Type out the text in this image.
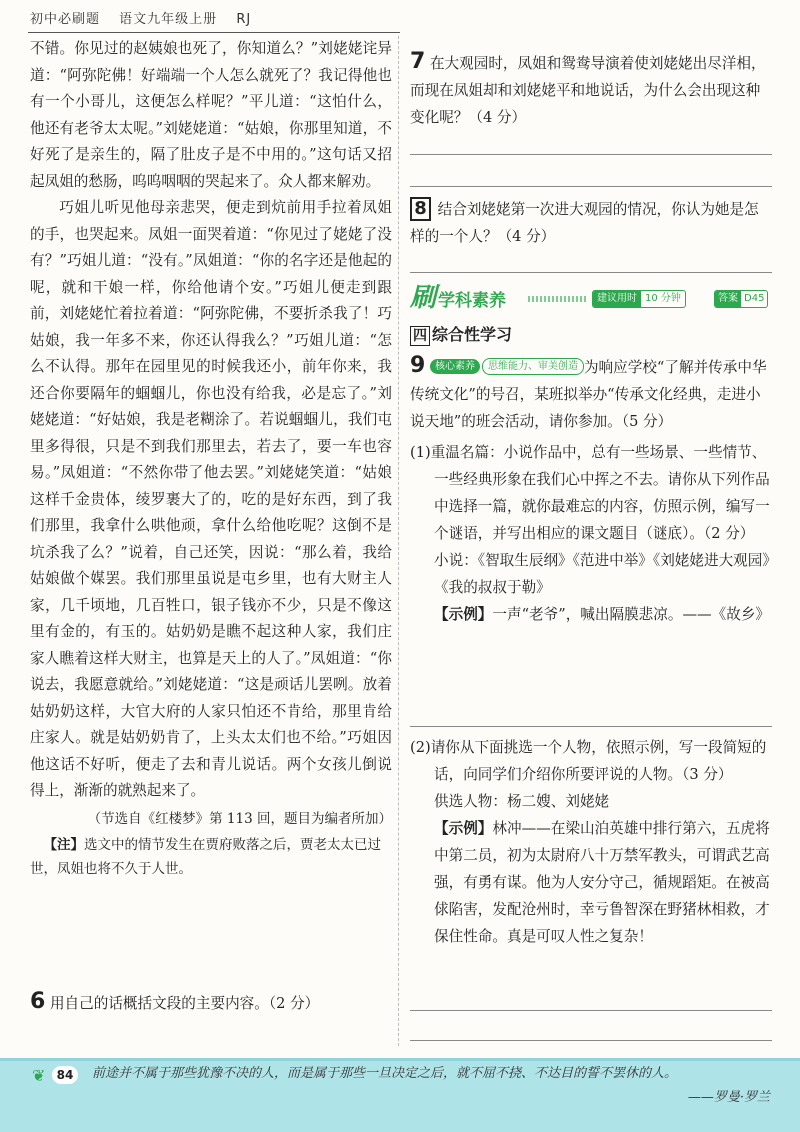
初中必刷题 语文九年级上册 RJ

不错。你见过的赵姨娘也死了，你知道么？”刘姥姥诧异道：“阿弥陀佛！好端端一个人怎么就死了？我记得他也有一个小哥儿，这便怎么样呢？”平儿道：“这怕什么，他还有老爷太太呢。”刘姥姥道：“姑娘，你那里知道，不好死了是亲生的，隔了肚皮子是不中用的。”这句话又招起凤姐的愁肠，呜呜咽咽的哭起来了。众人都来解劝。

巧姐儿听见他母亲悲哭，便走到炕前用手拉着凤姐的手，也哭起来。凤姐一面哭着道：“你见过了姥姥了没有？”巧姐儿道：“没有。”凤姐道：“你的名字还是他起的呢，就和干娘一样，你给他请个安。”巧姐儿便走到跟前，刘姥姥忙着拉着道：“阿弥陀佛，不要折杀我了！巧姑娘，我一年多不来，你还认得我么？”巧姐儿道：“怎么不认得。那年在园里见的时候我还小，前年你来，我还合你要隔年的蝈蝈儿，你也没有给我，必是忘了。”刘姥姥道：“好姑娘，我是老糊涂了。若说蝈蝈儿，我们屯里多得很，只是不到我们那里去，若去了，要一车也容易。”凤姐道：“不然你带了他去罢。”刘姥姥笑道：“姑娘这样千金贵体，绫罗裹大了的，吃的是好东西，到了我们那里，我拿什么哄他顽，拿什么给他吃呢？这倒不是坑杀我了么？”说着，自己还笑，因说：“那么着，我给姑娘做个媒罢。我们那里虽说是屯乡里，也有大财主人家，几千顷地，几百牲口，银子钱亦不少，只是不像这里有金的，有玉的。姑奶奶是瞧不起这种人家，我们庄家人瞧着这样大财主，也算是天上的人了。”凤姐道：“你说去，我愿意就给。”刘姥姥道：“这是顽话儿罢咧。放着姑奶奶这样，大官大府的人家只怕还不肯给，那里肯给庄家人。就是姑奶奶肯了，上头太太们也不给。”巧姐因他这话不好听，便走了去和青儿说话。两个女孩儿倒说得上，渐渐的就熟起来了。

（节选自《红楼梦》第 113 回，题目为编者所加）
【注】选文中的情节发生在贾府败落之后，贾老太太已过世，凤姐也将不久于人世。
6 用自己的话概括文段的主要内容。（2 分）
7 在大观园时，凤姐和鸳鸯导演着使刘姥姥出尽洋相，而现在凤姐却和刘姥姥平和地说话，为什么会出现这种变化呢？（4 分）
8 结合刘姥姥第一次进大观园的情况，你认为她是怎样的一个人？（4 分）
刷学科素养	建议用时 10 分钟	答案 D45
四 综合性学习
9 核心素养 思维能力、审美创造 为响应学校“了解并传承中华传统文化”的号召，某班拟举办“传承文化经典，走进小说天地”的班会活动，请你参加。（5 分）
(1)重温名篇：小说作品中，总有一些场景、一些情节、一些经典形象在我们心中挥之不去。请你从下列作品中选择一篇，就你最难忘的内容，仿照示例，编写一个谜语，并写出相应的课文题目（谜底）。（2 分）
小说：《智取生辰纲》《范进中举》《刘姥姥进大观园》《我的叔叔于勒》
【示例】一声“老爷”，喊出隔膜悲凉。——《故乡》
(2)请你从下面挑选一个人物，依照示例，写一段简短的话，向同学们介绍你所要评说的人物。（3 分）
供选人物：杨二嫂、刘姥姥
【示例】林冲——在梁山泊英雄中排行第六，五虎将中第二员，初为太尉府八十万禁军教头，可谓武艺高强，有勇有谋。他为人安分守己，循规蹈矩。在被高俅陷害，发配沧州时，幸亏鲁智深在野猪林相救，才保住性命。真是可叹人性之复杂！
❦ 84	前途并不属于那些犹豫不决的人，而是属于那些一旦决定之后，就不屈不挠、不达目的誓不罢休的人。
——罗曼·罗兰
